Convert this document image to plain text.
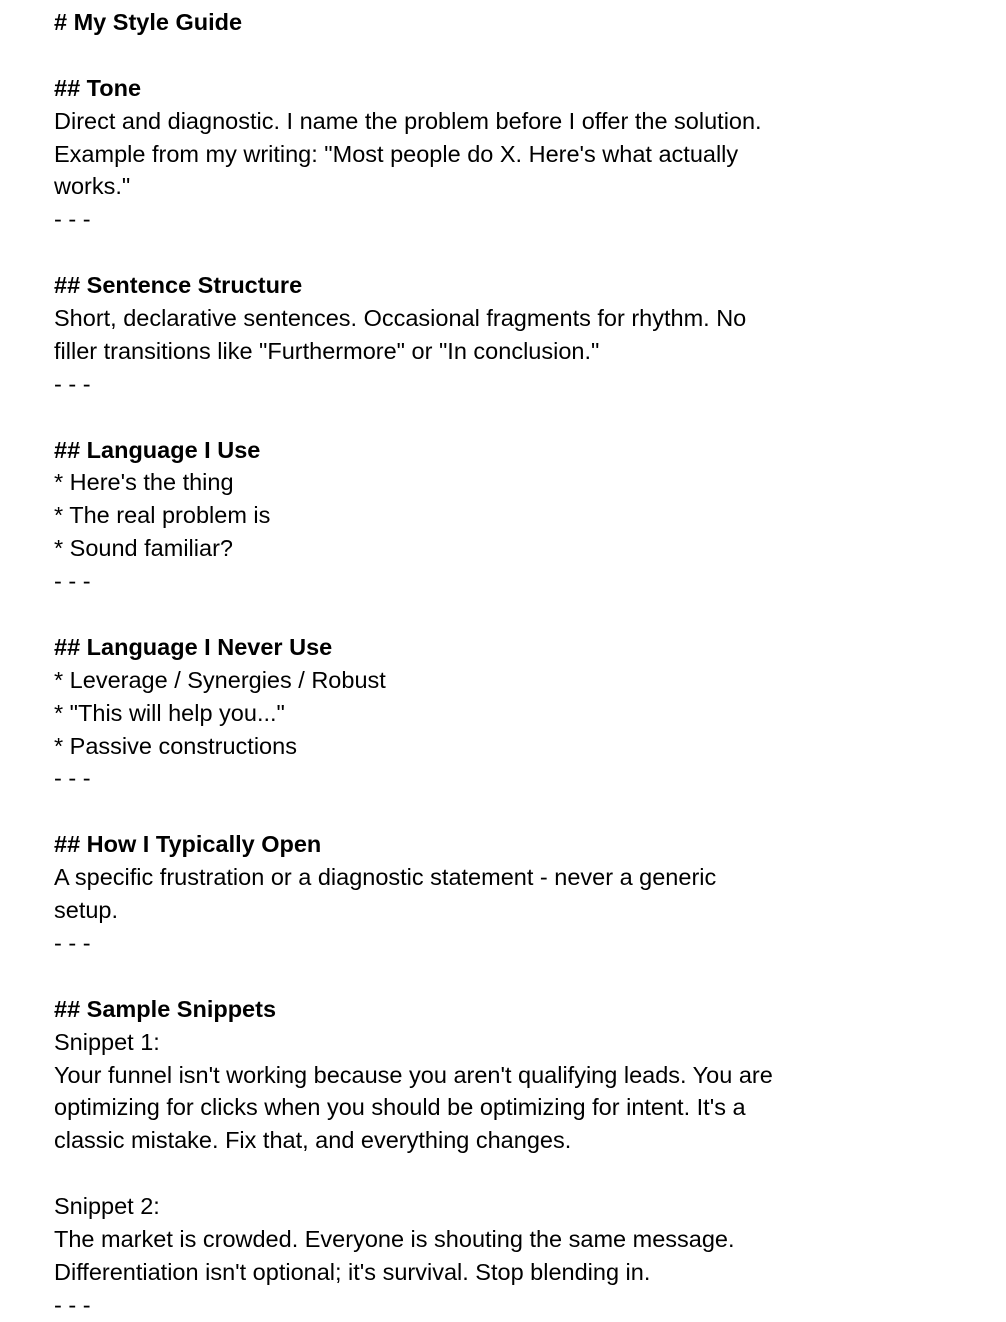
# My Style Guide
## Tone
Direct and diagnostic. I name the problem before I offer the solution.
Example from my writing: "Most people do X. Here's what actually
works."
- - -
## Sentence Structure
Short, declarative sentences. Occasional fragments for rhythm. No
filler transitions like "Furthermore" or "In conclusion."
- - -
## Language I Use
* Here's the thing
* The real problem is
* Sound familiar?
- - -
## Language I Never Use
* Leverage / Synergies / Robust
* "This will help you..."
* Passive constructions
- - -
## How I Typically Open
A specific frustration or a diagnostic statement - never a generic
setup.
- - -
## Sample Snippets
Snippet 1:
Your funnel isn't working because you aren't qualifying leads. You are
optimizing for clicks when you should be optimizing for intent. It's a
classic mistake. Fix that, and everything changes.
Snippet 2:
The market is crowded. Everyone is shouting the same message.
Differentiation isn't optional; it's survival. Stop blending in.
- - -
